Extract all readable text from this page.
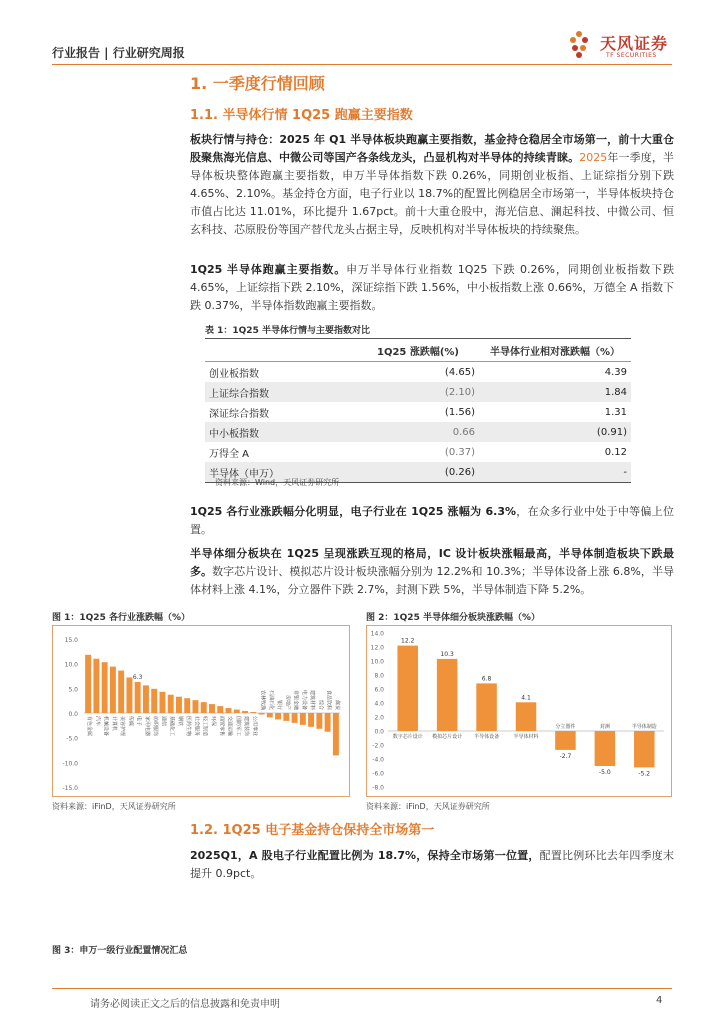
行业报告 | 行业研究周报	天风证券
TF SECURITIES
1. 一季度行情回顾
1.1. 半导体行情 1Q25 跑赢主要指数
板块行情与持仓：2025 年 Q1 半导体板块跑赢主要指数，基金持仓稳居全市场第一，前十大重仓股聚焦海光信息、中微公司等国产各条线龙头，凸显机构对半导体的持续青睐。2025年一季度，半导体板块整体跑赢主要指数，申万半导体指数下跌 0.26%，同期创业板指、上证综指分别下跌 4.65%、2.10%。基金持仓方面，电子行业以 18.7%的配置比例稳居全市场第一，半导体板块持仓市值占比达 11.01%，环比提升 1.67pct。前十大重仓股中，海光信息、澜起科技、中微公司、恒玄科技、芯原股份等国产替代龙头占据主导，反映机构对半导体板块的持续聚焦。
1Q25 半导体跑赢主要指数。申万半导体行业指数 1Q25 下跌 0.26%，同期创业板指数下跌 4.65%，上证综指下跌 2.10%，深证综指下跌 1.56%，中小板指数上涨 0.66%，万德全 A 指数下跌 0.37%，半导体指数跑赢主要指数。
表 1：1Q25 半导体行情与主要指数对比
	1Q25 涨跌幅(%)	半导体行业相对涨跌幅（%）
创业板指数	(4.65)	4.39
上证综合指数	(2.10)	1.84
深证综合指数	(1.56)	1.31
中小板指数	0.66	(0.91)
万得全 A	(0.37)	0.12
半导体（申万）	(0.26)	-
资料来源：Wind，天风证券研究所
1Q25 各行业涨跌幅分化明显，电子行业在 1Q25 涨幅为 6.3%，在众多行业中处于中等偏上位置。
半导体细分板块在 1Q25 呈现涨跌互现的格局，IC 设计板块涨幅最高，半导体制造板块下跌最多。数字芯片设计、模拟芯片设计板块涨幅分别为 12.2%和 10.3%；半导体设备上涨 6.8%，半导体材料上涨 4.1%，分立器件下跌 2.7%，封测下跌 5%，半导体制造下降 5.2%。
图 1：1Q25 各行业涨跌幅（%）
15.0
10.0
5.0
0.0
-5.0
-10.0
-15.0
有色金属 汽车 机械设备 计算机 美容护理 传媒 电子
6.3
家用电器 纺织服饰 通信 基础化工 钢铁 医药生物 社会服务 轻工制造 环保 商贸零售 交通运输 国防军工 建筑装饰 公用事业
农林牧渔 石油石化 银行 房地产 非银金融 电力设备 建筑材料 综合 食品饮料 煤炭
资料来源：iFinD，天风证券研究所
图 2：1Q25 半导体细分板块涨跌幅（%）
14.0
12.0
10.0
8.0
6.0
4.0
2.0
0.0
-2.0
-4.0
-6.0
-8.0
12.2
数字芯片设计
10.3
模拟芯片设计
6.8
半导体设备
4.1
半导体材料
-2.7
分立器件
-5.0
封测
-5.2
半导体制造
资料来源：iFinD，天风证券研究所
1.2. 1Q25 电子基金持仓保持全市场第一
2025Q1，A 股电子行业配置比例为 18.7%，保持全市场第一位置，配置比例环比去年四季度末提升 0.9pct。
图 3：申万一级行业配置情况汇总
请务必阅读正文之后的信息披露和免责申明	4
